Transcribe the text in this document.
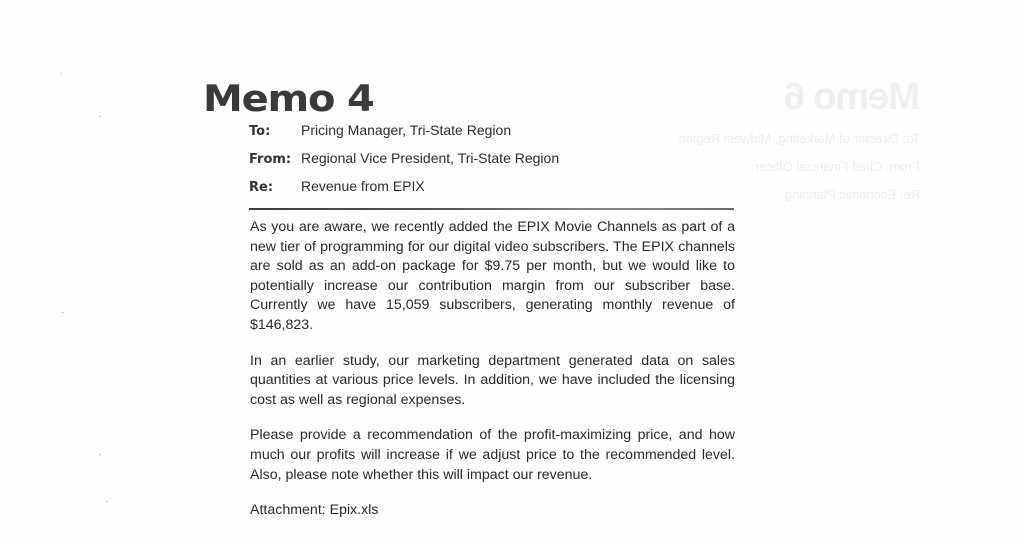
Memo 6
To: Director of Marketing, Midwest Region
From: Chief Financial Officer
Re: Economic Planning
Memo 4
To:	Pricing Manager, Tri-State Region
From: Regional Vice President, Tri-State Region
Re:	Revenue from EPIX

As you are aware, we recently added the EPIX Movie Channels as part of a new tier of programming for our digital video subscribers. The EPIX channels are sold as an add-on package for $9.75 per month, but we would like to potentially increase our contribution margin from our subscriber base. Currently we have 15,059 subscribers, generating monthly revenue of $146,823.

In an earlier study, our marketing department generated data on sales quantities at various price levels. In addition, we have included the licensing cost as well as regional expenses.

Please provide a recommendation of the profit-maximizing price, and how much our profits will increase if we adjust price to the recommended level. Also, please note whether this will impact our revenue.

Attachment: Epix.xls
